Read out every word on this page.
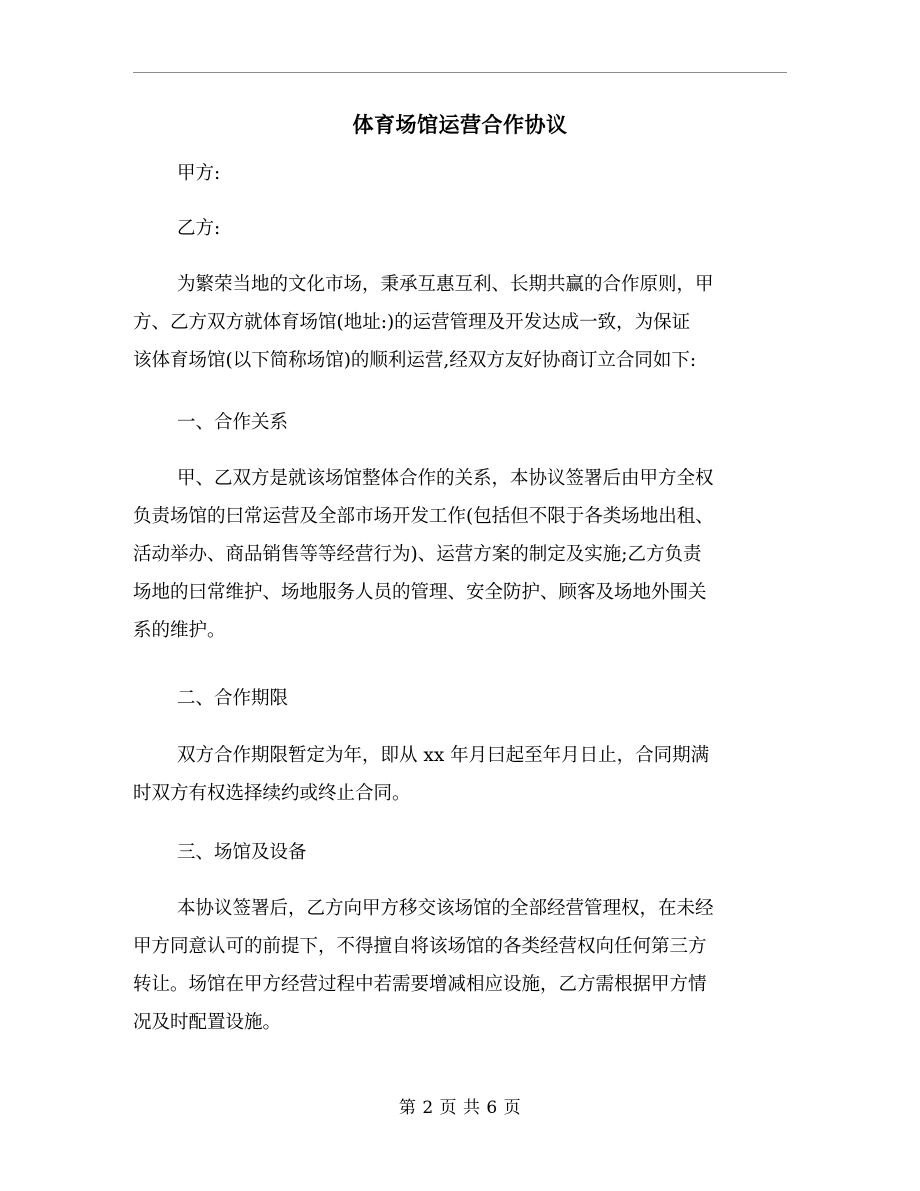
体育场馆运营合作协议
甲方:
乙方:
为繁荣当地的文化市场，秉承互惠互利、长期共赢的合作原则，甲
方、乙方双方就体育场馆(地址:)的运营管理及开发达成一致，为保证
该体育场馆(以下简称场馆)的顺利运营,经双方友好协商订立合同如下:
一、合作关系
甲、乙双方是就该场馆整体合作的关系，本协议签署后由甲方全权
负责场馆的曰常运营及全部市场开发工作(包括但不限于各类场地出租、
活动举办、商品销售等等经营行为)、运营方案的制定及实施;乙方负责
场地的曰常维护、场地服务人员的管理、安全防护、顾客及场地外围关
系的维护。
二、合作期限
双方合作期限暂定为年，即从 xx 年月曰起至年月日止，合同期满
时双方有权选择续约或终止合同。
三、场馆及设备
本协议签署后，乙方向甲方移交该场馆的全部经营管理权，在未经
甲方同意认可的前提下，不得擅自将该场馆的各类经营权向任何第三方
转让。场馆在甲方经营过程中若需要增减相应设施，乙方需根据甲方情
况及时配置设施。
第 2 页 共 6 页
